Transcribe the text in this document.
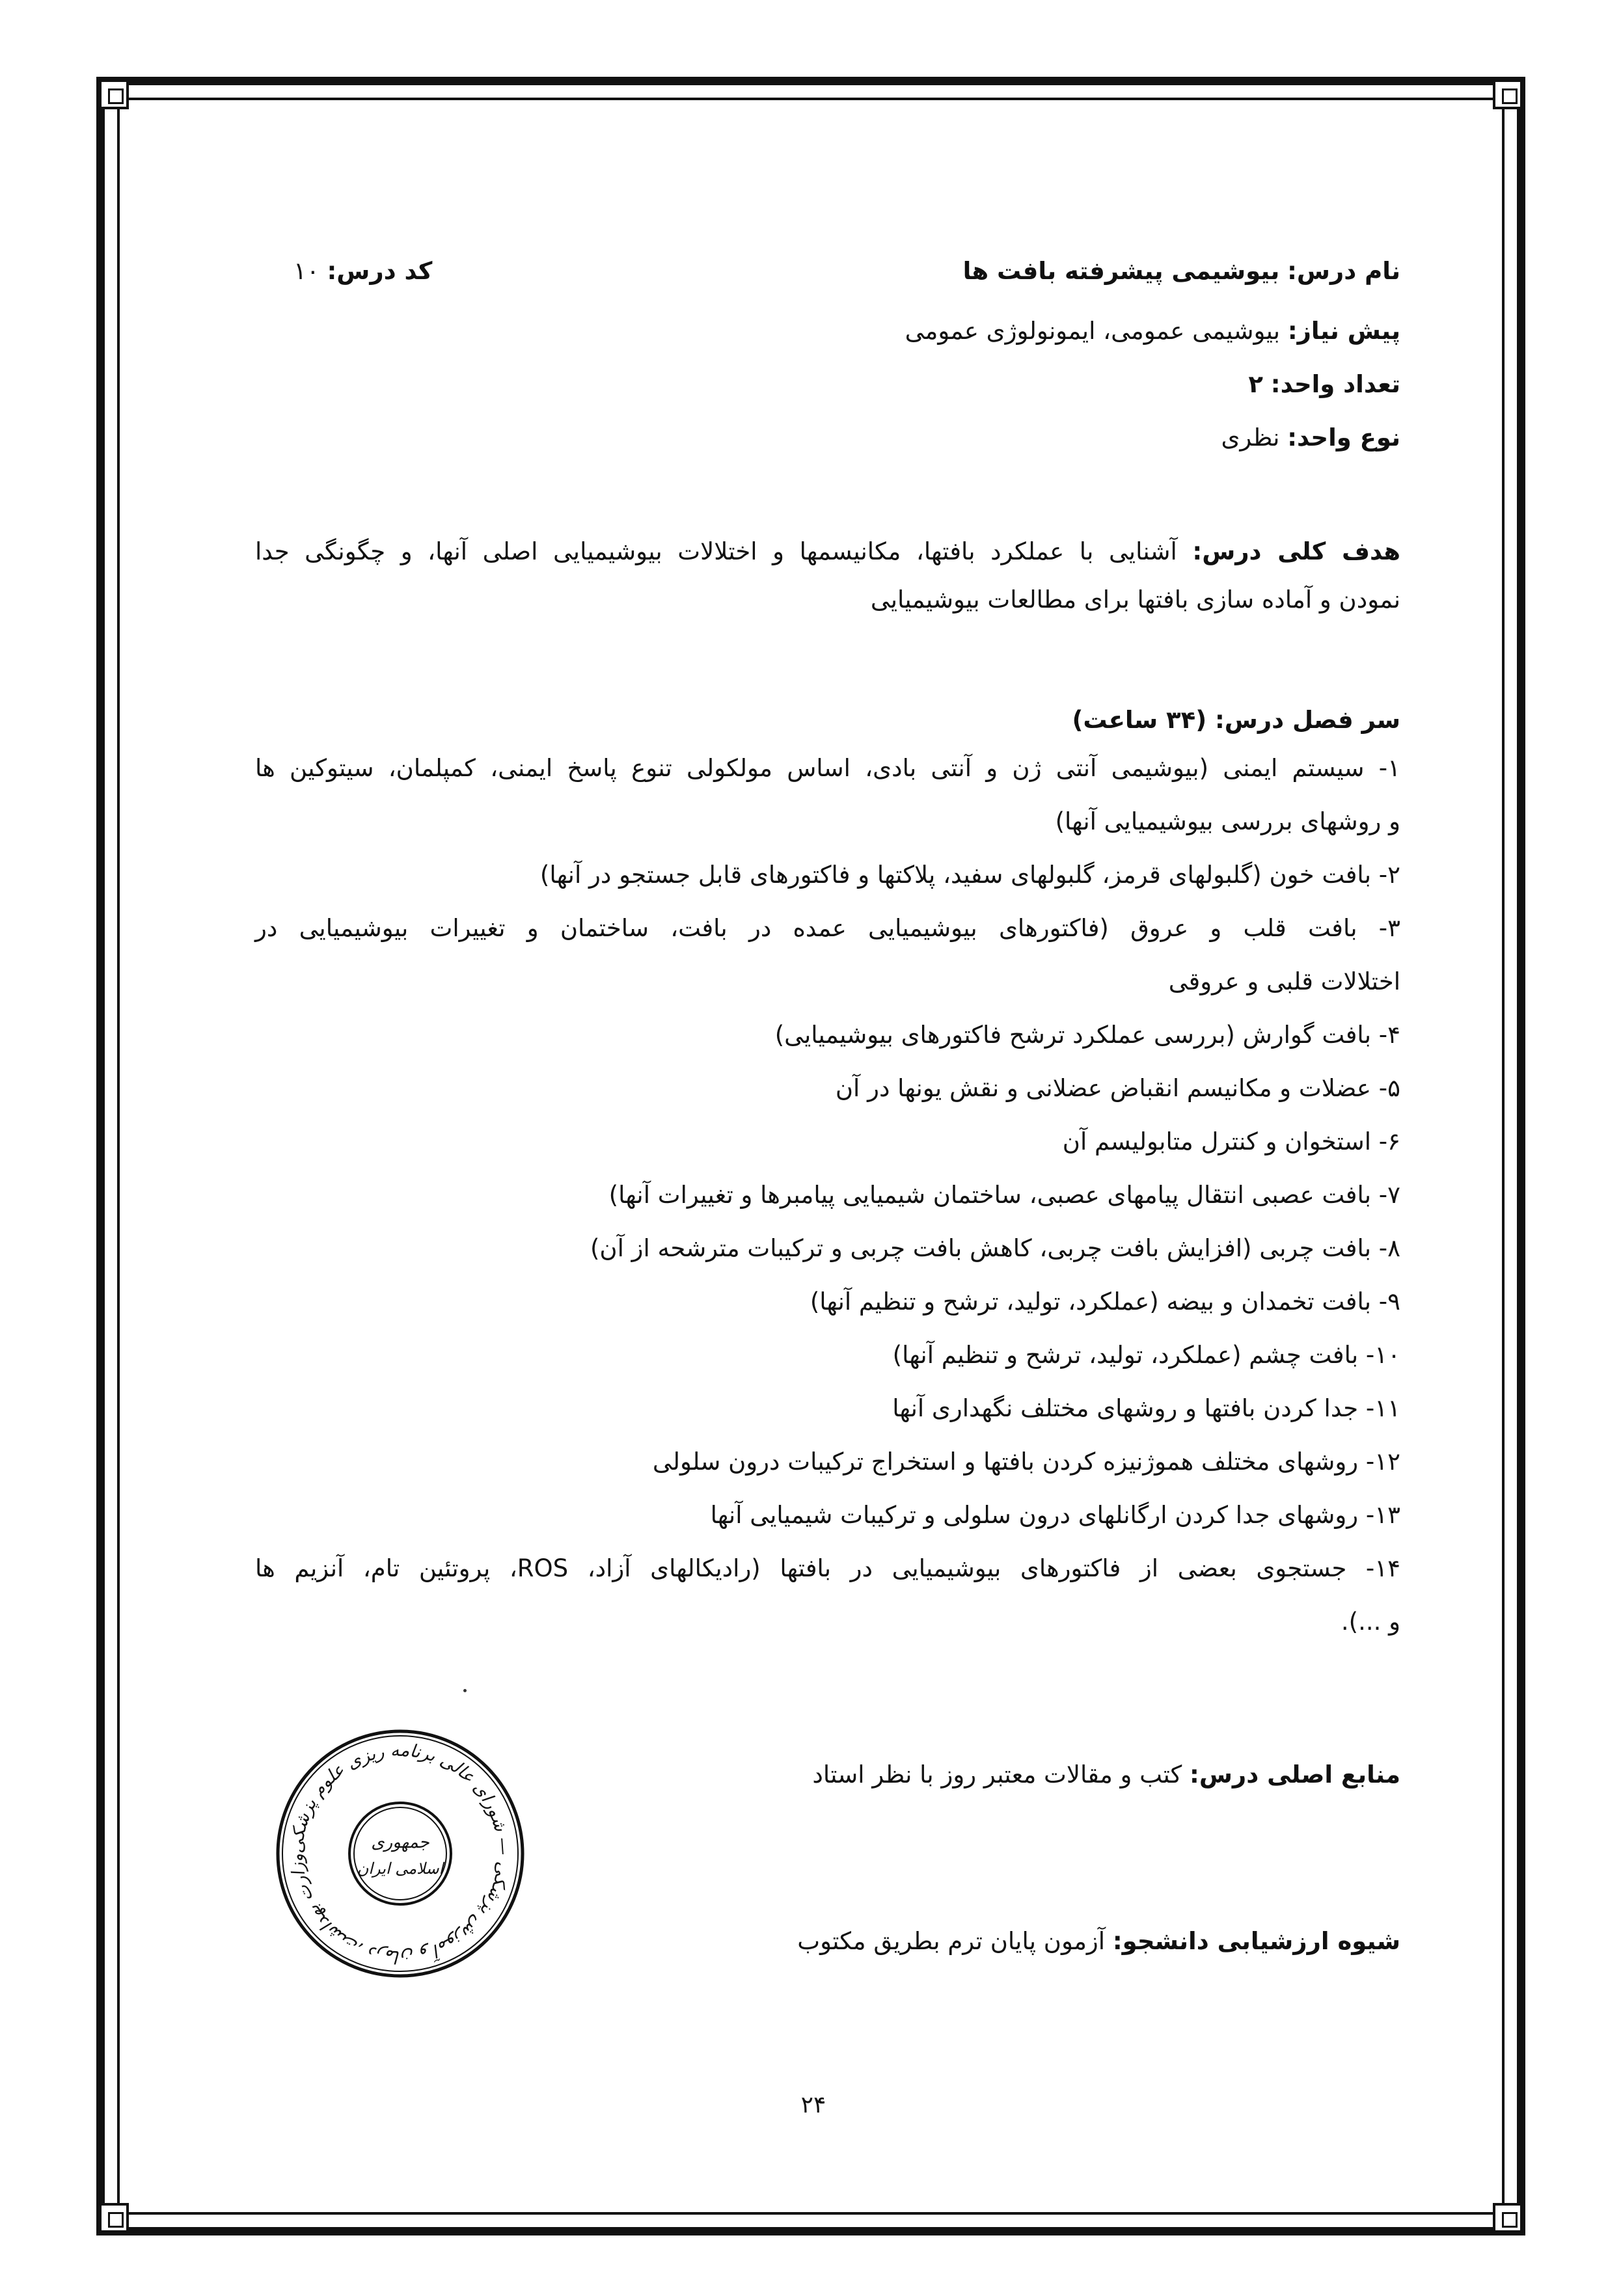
نام درس: بیوشیمی پیشرفته بافت ها
کد درس: ۱۰
پیش نیاز: بیوشیمی عمومی، ایمونولوژی عمومی
تعداد واحد: ۲
نوع واحد: نظری
هدف کلی درس: آشنایی با عملکرد بافتها، مکانیسمها و اختلالات بیوشیمیایی اصلی آنها، و چگونگی جدا
نمودن و آماده سازی بافتها برای مطالعات بیوشیمیایی
سر فصل درس: (۳۴ ساعت)
۱- سیستم ایمنی (بیوشیمی آنتی ژن و آنتی بادی، اساس مولکولی تنوع پاسخ ایمنی، کمپلمان، سیتوکین ها
و روشهای بررسی بیوشیمیایی آنها)
۲- بافت خون (گلبولهای قرمز، گلبولهای سفید، پلاکتها و فاکتورهای قابل جستجو در آنها)
۳- بافت قلب و عروق (فاکتورهای بیوشیمیایی عمده در بافت، ساختمان و تغییرات بیوشیمیایی در
اختلالات قلبی و عروقی
۴- بافت گوارش (بررسی عملکرد ترشح فاکتورهای بیوشیمیایی)
۵- عضلات و مکانیسم انقباض عضلانی و نقش یونها در آن
۶- استخوان و کنترل متابولیسم آن
۷- بافت عصبی انتقال پیامهای عصبی، ساختمان شیمیایی پیامبرها و تغییرات آنها)
۸- بافت چربی (افزایش بافت چربی، کاهش بافت چربی و ترکیبات مترشحه از آن)
۹- بافت تخمدان و بیضه (عملکرد، تولید، ترشح و تنظیم آنها)
۱۰- بافت چشم (عملکرد، تولید، ترشح و تنظیم آنها)
۱۱- جدا کردن بافتها و روشهای مختلف نگهداری آنها
۱۲- روشهای مختلف هموژنیزه کردن بافتها و استخراج ترکیبات درون سلولی
۱۳- روشهای جدا کردن ارگانلهای درون سلولی و ترکیبات شیمیایی آنها
۱۴- جستجوی بعضی از فاکتورهای بیوشیمیایی در بافتها (رادیکالهای آزاد، ROS، پروتئین تام، آنزیم ها
و ...).
منابع اصلی درس: کتب و مقالات معتبر روز با نظر استاد
شیوه ارزشیابی دانشجو: آزمون پایان ترم بطریق مکتوب
وزارت بهداشت، درمان و آموزش پزشکی — شورای عالی برنامه ریزی علوم پزشکی
جمهوری
اسلامی ایران
۲۴
